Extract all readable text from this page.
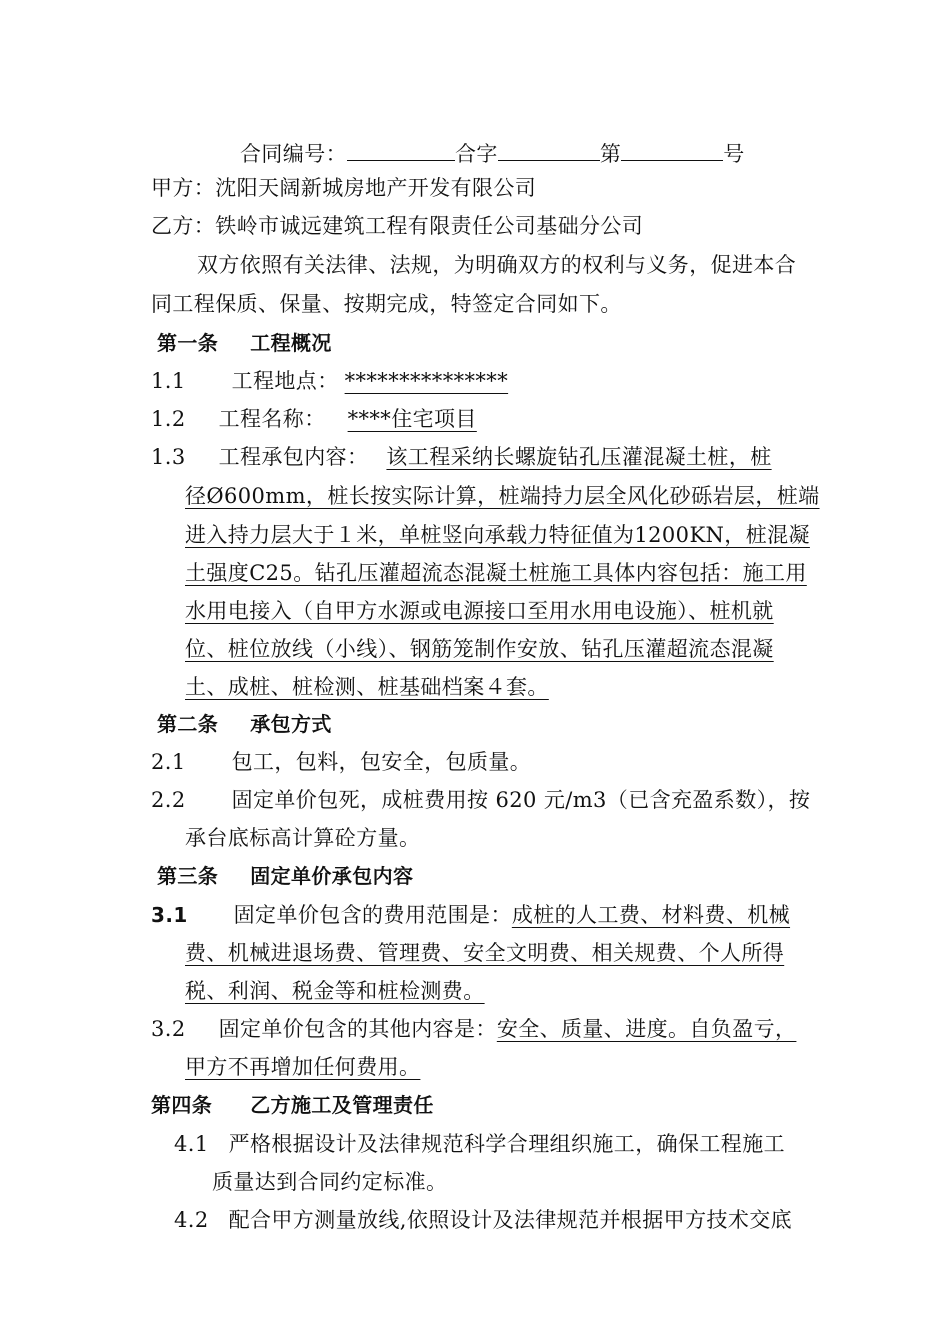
合同编号：	合字	第	号
甲方：沈阳天阔新城房地产开发有限公司
乙方：铁岭市诚远建筑工程有限责任公司基础分公司
双方依照有关法律、法规，为明确双方的权利与义务，促进本合
同工程保质、保量、按期完成，特签定合同如下。
第一条 工程概况
1.1 工程地点： ***************
1.2 工程名称： ****住宅项目
1.3 工程承包内容： 该工程采纳长螺旋钻孔压灌混凝土桩，桩
径Ø600mm，桩长按实际计算，桩端持力层全风化砂砾岩层，桩端
进入持力层大于１米，单桩竖向承载力特征值为1200KN，桩混凝
土强度C25。钻孔压灌超流态混凝土桩施工具体内容包括：施工用
水用电接入（自甲方水源或电源接口至用水用电设施）、桩机就
位、桩位放线（小线）、钢筋笼制作安放、钻孔压灌超流态混凝
土、成桩、桩检测、桩基础档案４套。
第二条 承包方式
2.1 包工，包料，包安全，包质量。
2.2 固定单价包死，成桩费用按 620 元/m3（已含充盈系数），按
承台底标高计算砼方量。
第三条 固定单价承包内容
3.1 固定单价包含的费用范围是：成桩的人工费、材料费、机械
费、机械进退场费、管理费、安全文明费、相关规费、个人所得
税、利润、税金等和桩检测费。
3.2 固定单价包含的其他内容是：安全、质量、进度。自负盈亏，
甲方不再增加任何费用。
第四条 乙方施工及管理责任
4.1 严格根据设计及法律规范科学合理组织施工，确保工程施工
质量达到合同约定标准。
4.2 配合甲方测量放线,依照设计及法律规范并根据甲方技术交底
